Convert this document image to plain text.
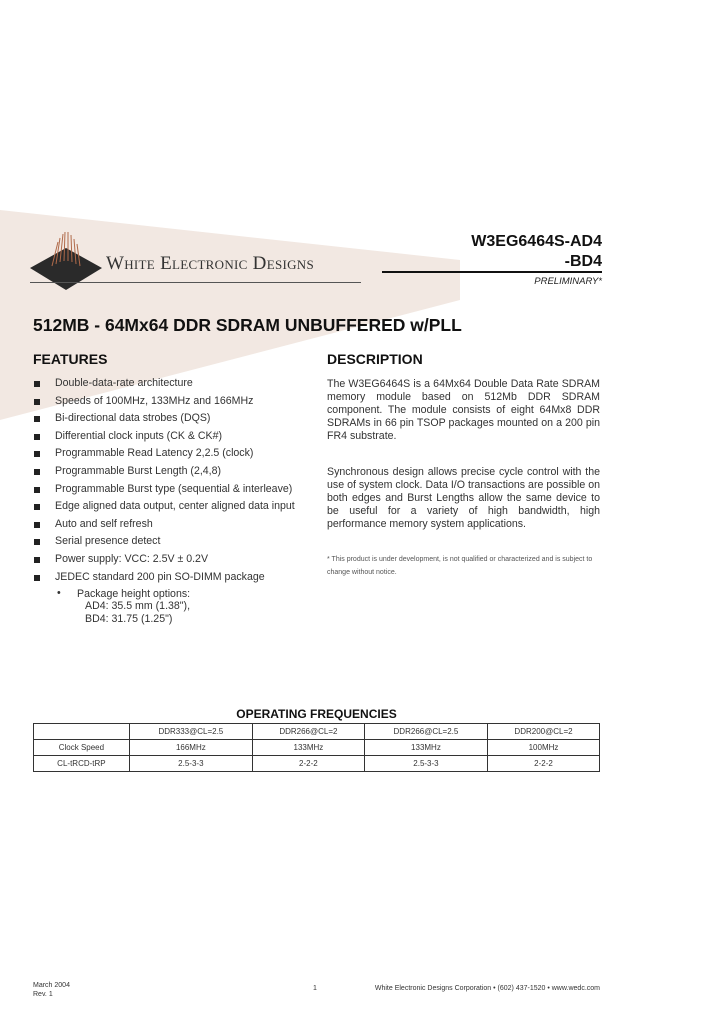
White Electronic Designs
W3EG6464S-AD4
-BD4
PRELIMINARY*
512MB - 64Mx64 DDR SDRAM UNBUFFERED w/PLL
FEATURES	DESCRIPTION
Double-data-rate architecture
Speeds of 100MHz, 133MHz and 166MHz
Bi-directional data strobes (DQS)
Differential clock inputs (CK & CK#)
Programmable Read Latency 2,2.5 (clock)
Programmable Burst Length (2,4,8)
Programmable Burst type (sequential & interleave)
Edge aligned data output, center aligned data input
Auto and self refresh
Serial presence detect
Power supply: VCC: 2.5V ± 0.2V
JEDEC standard 200 pin SO-DIMM package
• Package height options:
AD4: 35.5 mm (1.38"),
BD4: 31.75 (1.25")
The W3EG6464S is a 64Mx64 Double Data Rate SDRAM memory module based on 512Mb DDR SDRAM component. The module consists of eight 64Mx8 DDR SDRAMs in 66 pin TSOP packages mounted on a 200 pin FR4 substrate.
Synchronous design allows precise cycle control with the use of system clock. Data I/O transactions are possible on both edges and Burst Lengths allow the same device to be useful for a variety of high bandwidth, high performance memory system applications.
* This product is under development, is not qualified or characterized and is subject to change without notice.
OPERATING FREQUENCIES
	DDR333@CL=2.5	DDR266@CL=2	DDR266@CL=2.5	DDR200@CL=2
Clock Speed	166MHz	133MHz	133MHz	100MHz
CL-tRCD-tRP	2.5-3-3	2-2-2	2.5-3-3	2-2-2
March 2004
Rev. 1
1	White Electronic Designs Corporation • (602) 437-1520 • www.wedc.com
